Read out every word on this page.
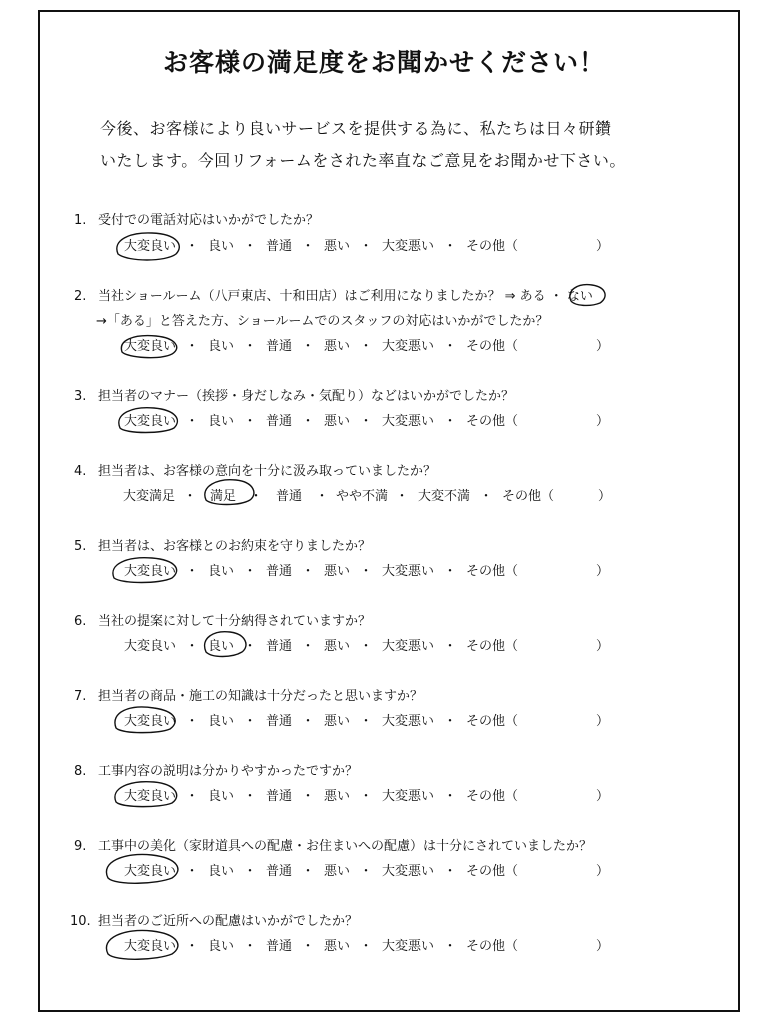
お客様の満足度をお聞かせください！
今後、お客様により良いサービスを提供する為に、私たちは日々研鑽
いたします。今回リフォームをされた率直なご意見をお聞かせ下さい。
1. 受付での電話対応はいかがでしたか？
大変良い ・ 良い ・ 普通 ・ 悪い ・ 大変悪い ・ その他（	）
2. 当社ショールーム（八戸東店、十和田店）はご利用になりましたか？ ⇒ ある ・ ない
→「ある」と答えた方、ショールームでのスタッフの対応はいかがでしたか？
大変良い ・ 良い ・ 普通 ・ 悪い ・ 大変悪い ・ その他（	）
3. 担当者のマナー（挨拶・身だしなみ・気配り）などはいかがでしたか？
大変良い ・ 良い ・ 普通 ・ 悪い ・ 大変悪い ・ その他（	）
4. 担当者は、お客様の意向を十分に汲み取っていましたか？
大変満足 ・ 満足 ・ 普通 ・ やや不満 ・ 大変不満 ・ その他（	）
5. 担当者は、お客様とのお約束を守りましたか？
大変良い ・ 良い ・ 普通 ・ 悪い ・ 大変悪い ・ その他（	）
6. 当社の提案に対して十分納得されていますか？
大変良い ・ 良い ・ 普通 ・ 悪い ・ 大変悪い ・ その他（	）
7. 担当者の商品・施工の知識は十分だったと思いますか？
大変良い ・ 良い ・ 普通 ・ 悪い ・ 大変悪い ・ その他（	）
8. 工事内容の説明は分かりやすかったですか？
大変良い ・ 良い ・ 普通 ・ 悪い ・ 大変悪い ・ その他（	）
9. 工事中の美化（家財道具への配慮・お住まいへの配慮）は十分にされていましたか？
大変良い ・ 良い ・ 普通 ・ 悪い ・ 大変悪い ・ その他（	）
10. 担当者のご近所への配慮はいかがでしたか？
大変良い ・ 良い ・ 普通 ・ 悪い ・ 大変悪い ・ その他（	）
